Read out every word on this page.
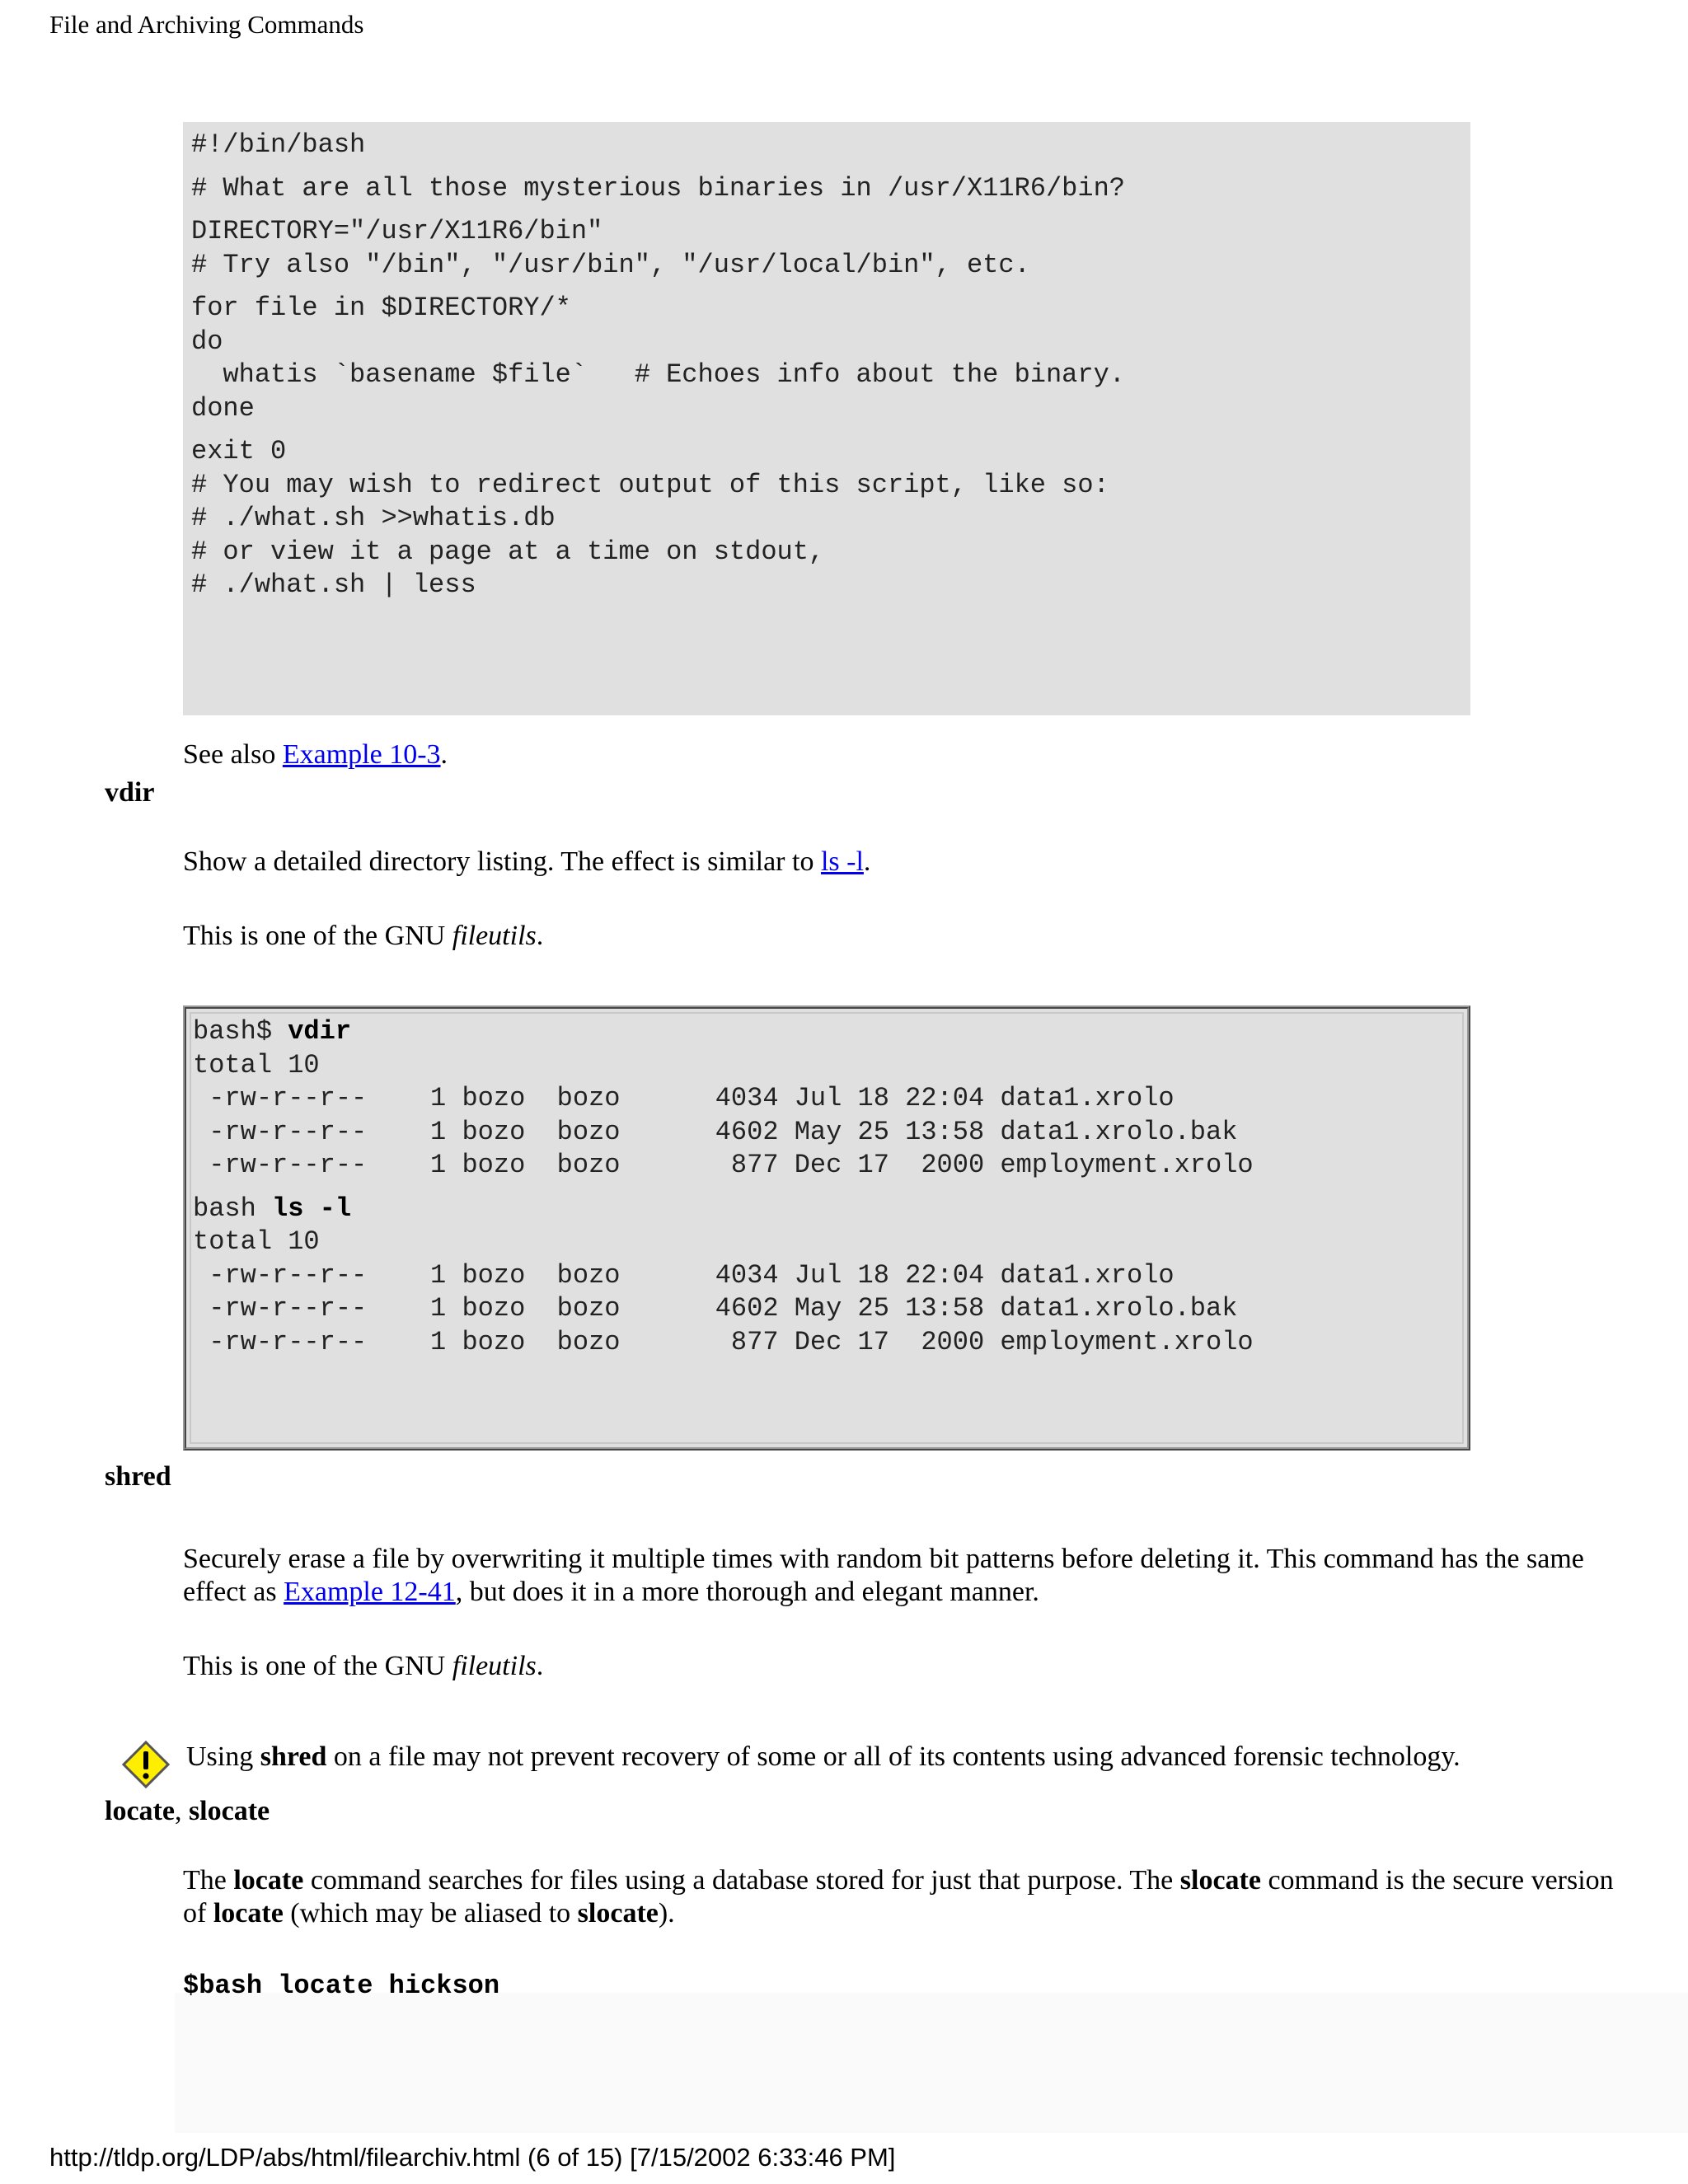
File and Archiving Commands
#!/bin/bash
# What are all those mysterious binaries in /usr/X11R6/bin?
DIRECTORY="/usr/X11R6/bin"
# Try also "/bin", "/usr/bin", "/usr/local/bin", etc.
for file in $DIRECTORY/*
do
whatis `basename $file`   # Echoes info about the binary.
done
exit 0
# You may wish to redirect output of this script, like so:
# ./what.sh >>whatis.db
# or view it a page at a time on stdout,
# ./what.sh | less
See also Example 10-3.
vdir
Show a detailed directory listing. The effect is similar to ls -l.
This is one of the GNU fileutils.
bash$ vdir
total 10
-rw-r--r--    1 bozo  bozo      4034 Jul 18 22:04 data1.xrolo
-rw-r--r--    1 bozo  bozo      4602 May 25 13:58 data1.xrolo.bak
-rw-r--r--    1 bozo  bozo       877 Dec 17  2000 employment.xrolo
bash ls -l
total 10
-rw-r--r--    1 bozo  bozo      4034 Jul 18 22:04 data1.xrolo
-rw-r--r--    1 bozo  bozo      4602 May 25 13:58 data1.xrolo.bak
-rw-r--r--    1 bozo  bozo       877 Dec 17  2000 employment.xrolo
shred
Securely erase a file by overwriting it multiple times with random bit patterns before deleting it. This command has the same effect as Example 12-41, but does it in a more thorough and elegant manner.
This is one of the GNU fileutils.
Using shred on a file may not prevent recovery of some or all of its contents using advanced forensic technology.
locate, slocate
The locate command searches for files using a database stored for just that purpose. The slocate command is the secure version of locate (which may be aliased to slocate).
$bash locate hickson
http://tldp.org/LDP/abs/html/filearchiv.html (6 of 15) [7/15/2002 6:33:46 PM]
